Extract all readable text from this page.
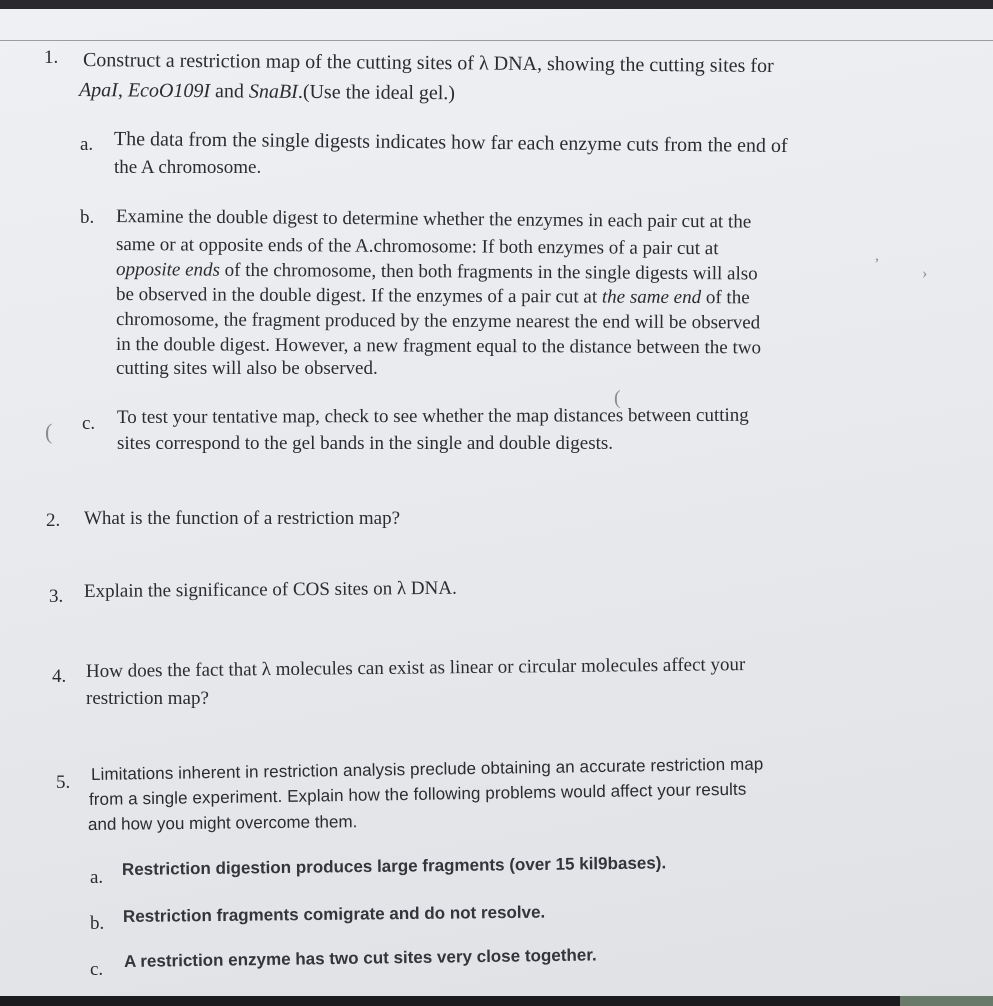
1. Construct a restriction map of the cutting sites of λ DNA, showing the cutting sites for
ApaI, EcoO109I and SnaBI.(Use the ideal gel.)
a. The data from the single digests indicates how far each enzyme cuts from the end of
the A chromosome.
b. Examine the double digest to determine whether the enzymes in each pair cut at the
same or at opposite ends of the A.chromosome: If both enzymes of a pair cut at
opposite ends of the chromosome, then both fragments in the single digests will also
be observed in the double digest. If the enzymes of a pair cut at the same end of the
chromosome, the fragment produced by the enzyme nearest the end will be observed
in the double digest. However, a new fragment equal to the distance between the two
cutting sites will also be observed.
c. To test your tentative map, check to see whether the map distances between cutting
sites correspond to the gel bands in the single and double digests.
2. What is the function of a restriction map?
3. Explain the significance of COS sites on λ DNA.
4. How does the fact that λ molecules can exist as linear or circular molecules affect your
restriction map?
5. Limitations inherent in restriction analysis preclude obtaining an accurate restriction map
from a single experiment. Explain how the following problems would affect your results
and how you might overcome them.
a. Restriction digestion produces large fragments (over 15 kil9bases).
b. Restriction fragments comigrate and do not resolve.
c. A restriction enzyme has two cut sites very close together.
,
›
(
(
